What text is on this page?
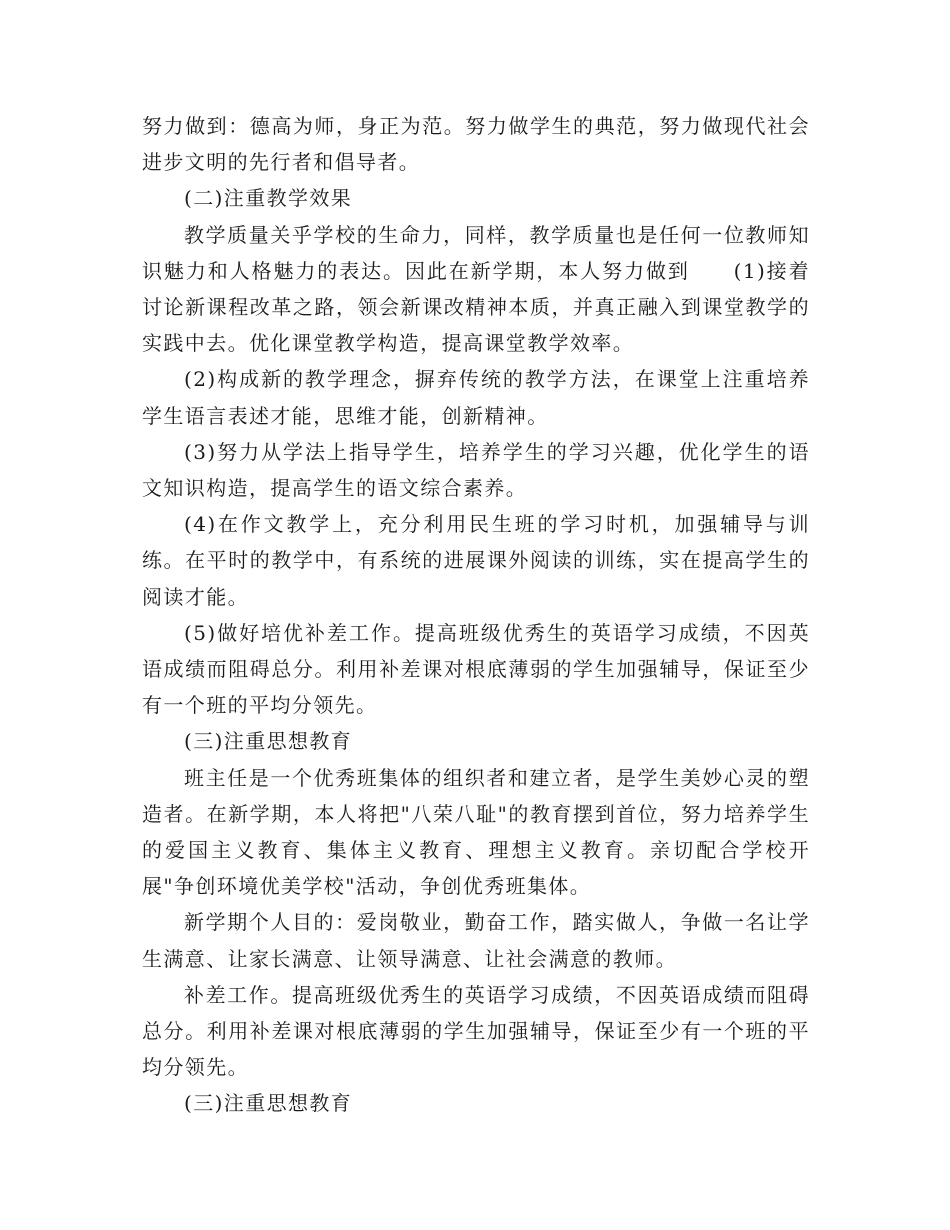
努力做到：德高为师，身正为范。努力做学生的典范，努力做现代社会进步文明的先行者和倡导者。

(二)注重教学效果

教学质量关乎学校的生命力，同样，教学质量也是任何一位教师知识魅力和人格魅力的表达。因此在新学期，本人努力做到　　(1)接着讨论新课程改革之路，领会新课改精神本质，并真正融入到课堂教学的实践中去。优化课堂教学构造，提高课堂教学效率。

(2)构成新的教学理念，摒弃传统的教学方法，在课堂上注重培养学生语言表述才能，思维才能，创新精神。

(3)努力从学法上指导学生，培养学生的学习兴趣，优化学生的语文知识构造，提高学生的语文综合素养。

(4)在作文教学上，充分利用民生班的学习时机，加强辅导与训练。在平时的教学中，有系统的进展课外阅读的训练，实在提高学生的阅读才能。

(5)做好培优补差工作。提高班级优秀生的英语学习成绩，不因英语成绩而阻碍总分。利用补差课对根底薄弱的学生加强辅导，保证至少有一个班的平均分领先。

(三)注重思想教育

班主任是一个优秀班集体的组织者和建立者，是学生美妙心灵的塑造者。在新学期，本人将把"八荣八耻"的教育摆到首位，努力培养学生的爱国主义教育、集体主义教育、理想主义教育。亲切配合学校开展"争创环境优美学校"活动，争创优秀班集体。

新学期个人目的：爱岗敬业，勤奋工作，踏实做人，争做一名让学生满意、让家长满意、让领导满意、让社会满意的教师。

补差工作。提高班级优秀生的英语学习成绩，不因英语成绩而阻碍总分。利用补差课对根底薄弱的学生加强辅导，保证至少有一个班的平均分领先。

(三)注重思想教育
